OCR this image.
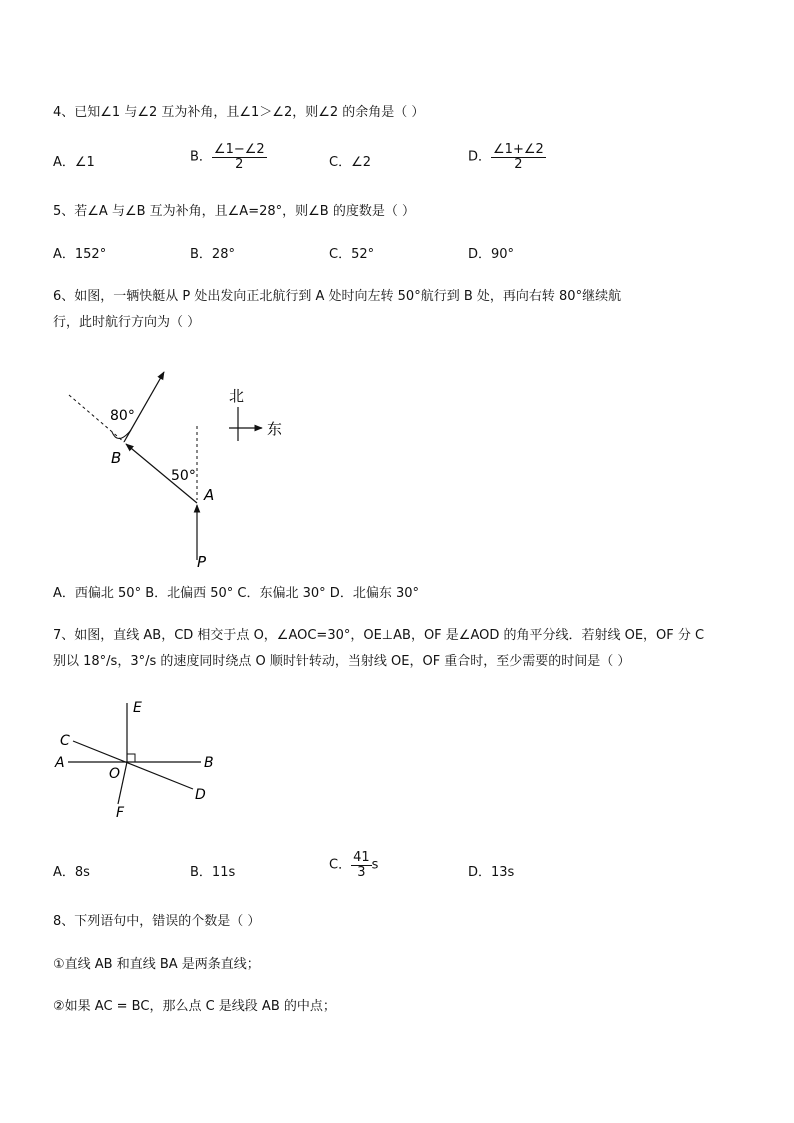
4、已知∠1 与∠2 互为补角，且∠1＞∠2，则∠2 的余角是（ ）
A．∠1	B． $\frac{\angle 1-\angle 2}{2}$	C．∠2	D． $\frac{\angle 1+\angle 2}{2}$
5、若∠A 与∠B 互为补角，且∠A=28°，则∠B 的度数是（ ）
A．152°	B．28°	C．52°	D．90°
6、如图，一辆快艇从 P 处出发向正北航行到 A 处时向左转 50°航行到 B 处，再向右转 80°继续航
行，此时航行方向为（ ）
80°
50°
B
A
P
北
东
A．西偏北 50° B．北偏西 50° C．东偏北 30° D．北偏东 30°
7、如图，直线 AB，CD 相交于点 O，∠AOC=30°，OE⊥AB，OF 是∠AOD 的角平分线．若射线 OE，OF 分 C
别以 18°/s，3°/s 的速度同时绕点 O 顺时针转动，当射线 OE，OF 重合时，至少需要的时间是（ ）
E
C
A
O
B
D
F
A．8s	B．11s	C． $\frac{41}{3}$ s	D．13s
8、下列语句中，错误的个数是（ ）
①直线 AB 和直线 BA 是两条直线；
②如果 AC = BC，那么点 C 是线段 AB 的中点；
